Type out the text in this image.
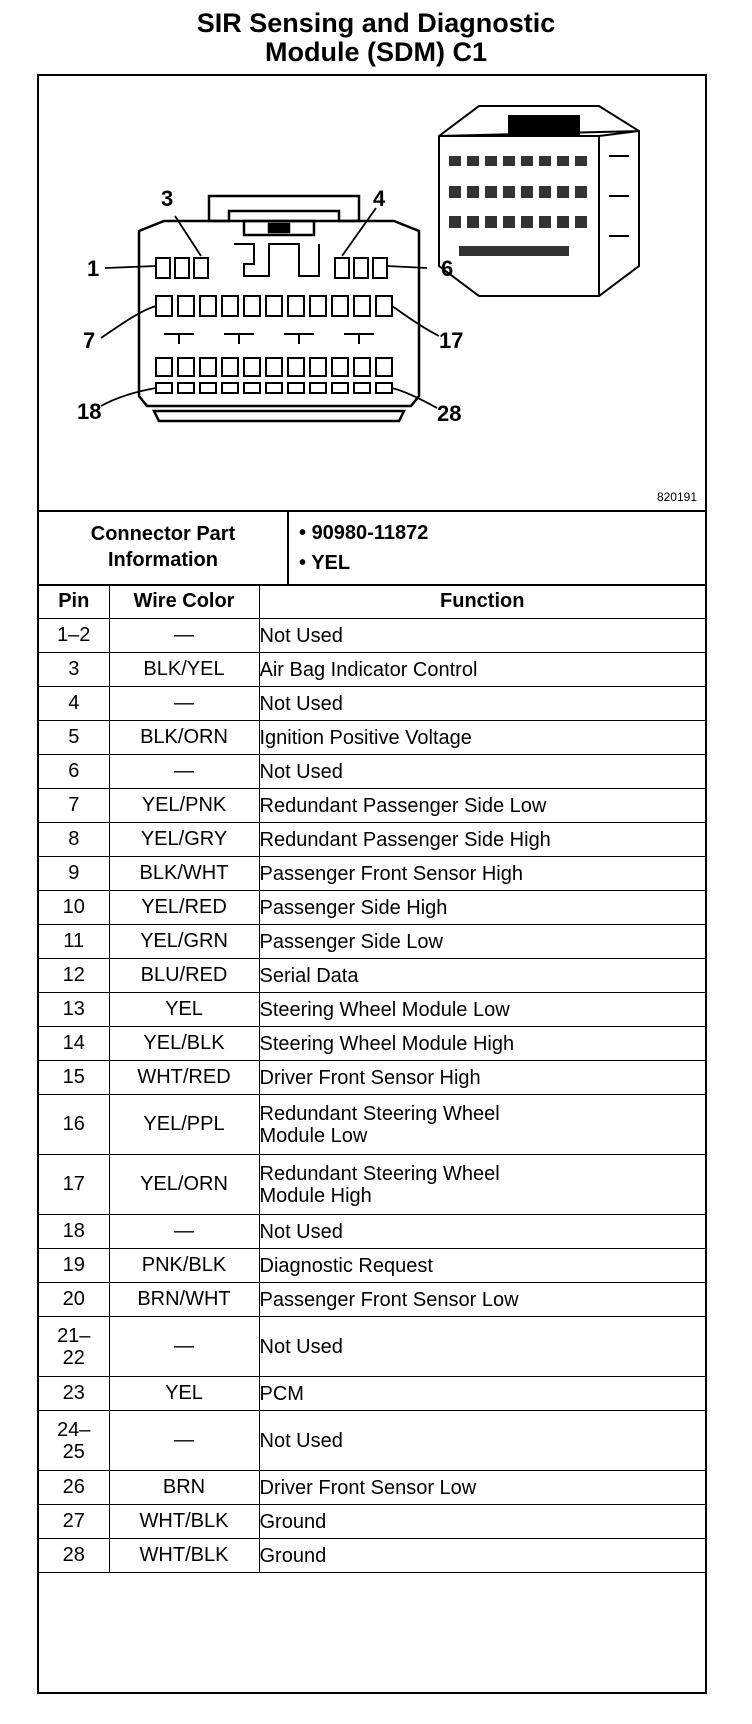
SIR Sensing and Diagnostic
Module (SDM) C1
1
3	4
6
7	17
18	28
820191
Connector Part Information
• 90980-11872
• YEL
Pin	Wire Color	Function
1–2	—	Not Used
3	BLK/YEL	Air Bag Indicator Control
4	—	Not Used
5	BLK/ORN	Ignition Positive Voltage
6	—	Not Used
7	YEL/PNK	Redundant Passenger Side Low
8	YEL/GRY	Redundant Passenger Side High
9	BLK/WHT	Passenger Front Sensor High
10	YEL/RED	Passenger Side High
11	YEL/GRN	Passenger Side Low
12	BLU/RED	Serial Data
13	YEL	Steering Wheel Module Low
14	YEL/BLK	Steering Wheel Module High
15	WHT/RED	Driver Front Sensor High
16	YEL/PPL	Redundant Steering Wheel
Module Low
17	YEL/ORN	Redundant Steering Wheel
Module High
18	—	Not Used
19	PNK/BLK	Diagnostic Request
20	BRN/WHT	Passenger Front Sensor Low
21–
22	—	Not Used
23	YEL	PCM
24–
25	—	Not Used
26	BRN	Driver Front Sensor Low
27	WHT/BLK	Ground
28	WHT/BLK	Ground
